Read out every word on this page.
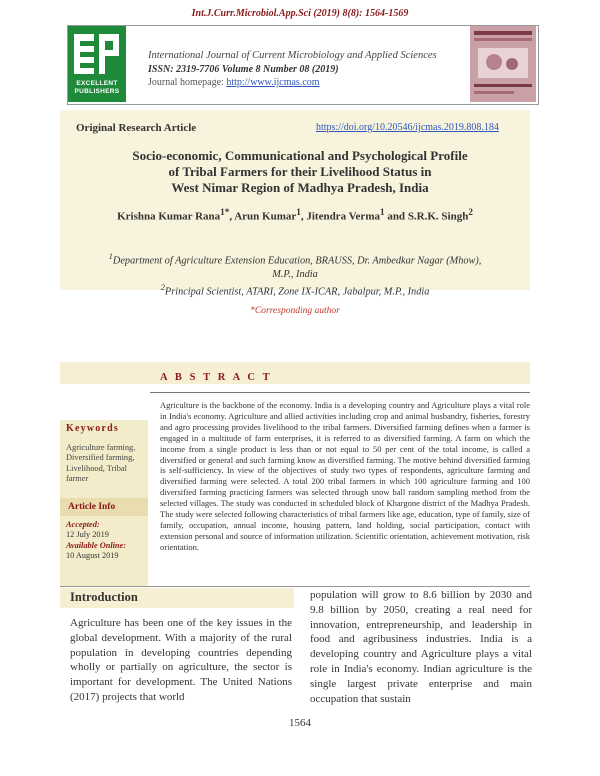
Int.J.Curr.Microbiol.App.Sci (2019) 8(8): 1564-1569
EXCELLENT
PUBLISHERS
International Journal of Current Microbiology and Applied Sciences
ISSN: 2319-7706 Volume 8 Number 08 (2019)
Journal homepage: http://www.ijcmas.com
Original Research Article	https://doi.org/10.20546/ijcmas.2019.808.184
Socio-economic, Communicational and Psychological Profile
of Tribal Farmers for their Livelihood Status in
West Nimar Region of Madhya Pradesh, India
Krishna Kumar Rana$^{1*}$, Arun Kumar$^1$, Jitendra Verma$^1$ and S.R.K. Singh$^2$
$^1$Department of Agriculture Extension Education, BRAUSS, Dr. Ambedkar Nagar (Mhow),
M.P., India
$^2$Principal Scientist, ATARI, Zone IX-ICAR, Jabalpur, M.P., India
*Corresponding author
A B S T R A C T
Keywords
Agriculture farming, Diversified farming, Livelihood, Tribal farmer
Article Info
Accepted:
12 July 2019
Available Online:
10 August 2019
Agriculture is the backbone of the economy. India is a developing country and Agriculture plays a vital role in India's economy. Agriculture and allied activities including crop and animal husbandry, fisheries, forestry and agro processing provides livelihood to the tribal farmers. Diversified farming defines when a farmer is engaged in a multitude of farm enterprises, it is referred to as diversified farming. A farm on which the income from a single product is less than or not equal to 50 per cent of the total income, is called a diversified or general and such farming know as diversified farming. The motive behind diversified farming is self-sufficiency. In view of the objectives of study two types of respondents, agriculture farming and diversified farming were selected. A total 200 tribal farmers in which 100 agriculture farming and 100 diversified farming practicing farmers was selected through snow ball random sampling method from the selected villages. The study was conducted in scheduled block of Khargone district of the Madhya Pradesh. The study were selected following characteristics of tribal farmers like age, education, type of family, size of family, occupation, annual income, housing pattern, land holding, social participation, contact with extension personal and source of information utilization. Scientific orientation, achievement motivation, risk orientation.
Introduction
Agriculture has been one of the key issues in the global development. With a majority of the rural population in developing countries depending wholly or partially on agriculture, the sector is important for development. The United Nations (2017) projects that world
population will grow to 8.6 billion by 2030 and 9.8 billion by 2050, creating a real need for innovation, entrepreneurship, and leadership in food and agribusiness industries. India is a developing country and Agriculture plays a vital role in India's economy. Indian agriculture is the single largest private enterprise and main occupation that sustain
1564
